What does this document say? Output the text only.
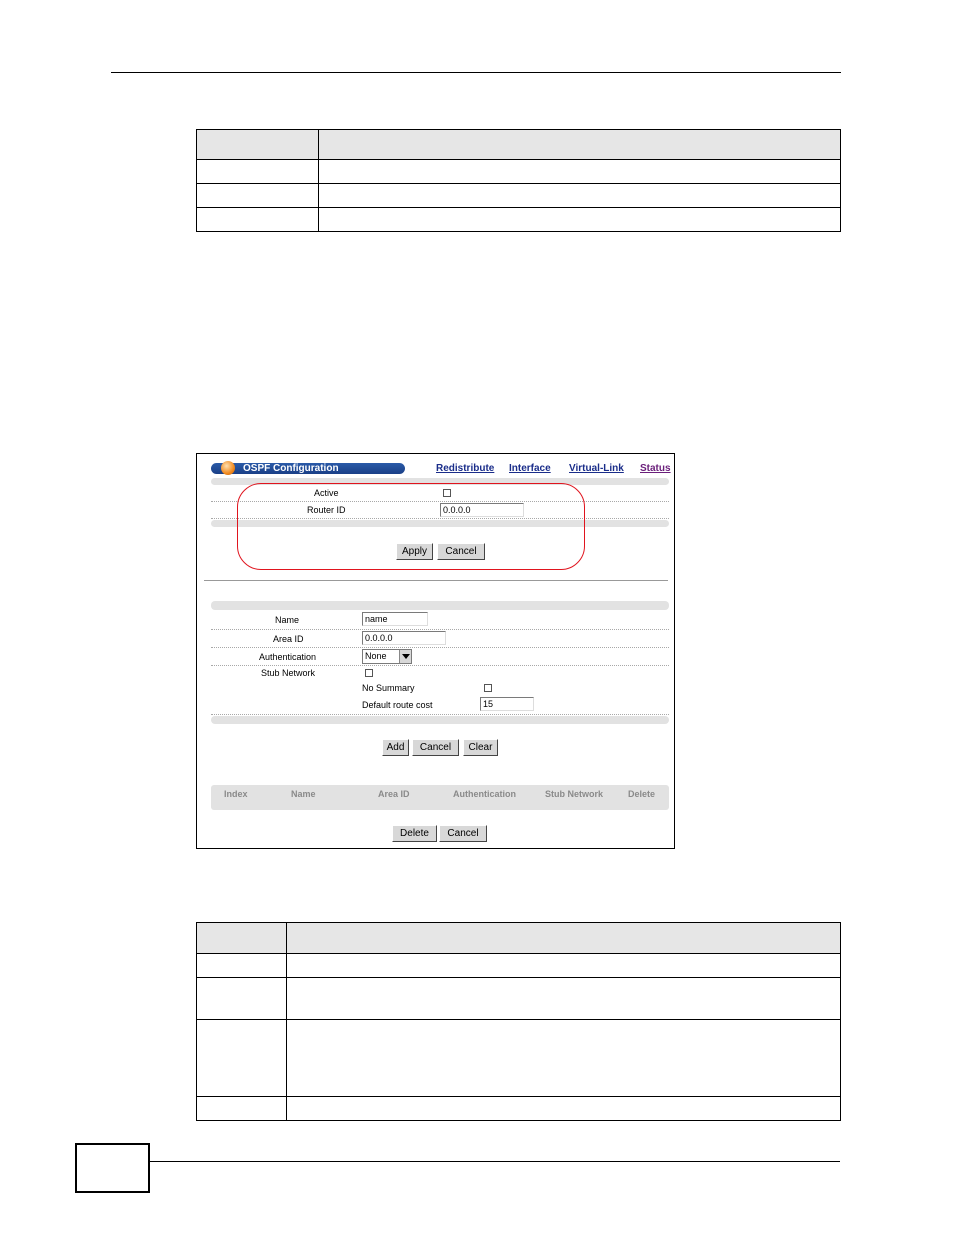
OSPF Configuration	Redistribute Interface Virtual-Link Status
Active
Router ID	0.0.0.0
Apply	Cancel
Name	name
Area ID	0.0.0.0
Authentication	None
Stub Network
No Summary
Default route cost	15
Add	Cancel	Clear
Index	Name	Area ID	Authentication	Stub Network	Delete
Delete	Cancel
